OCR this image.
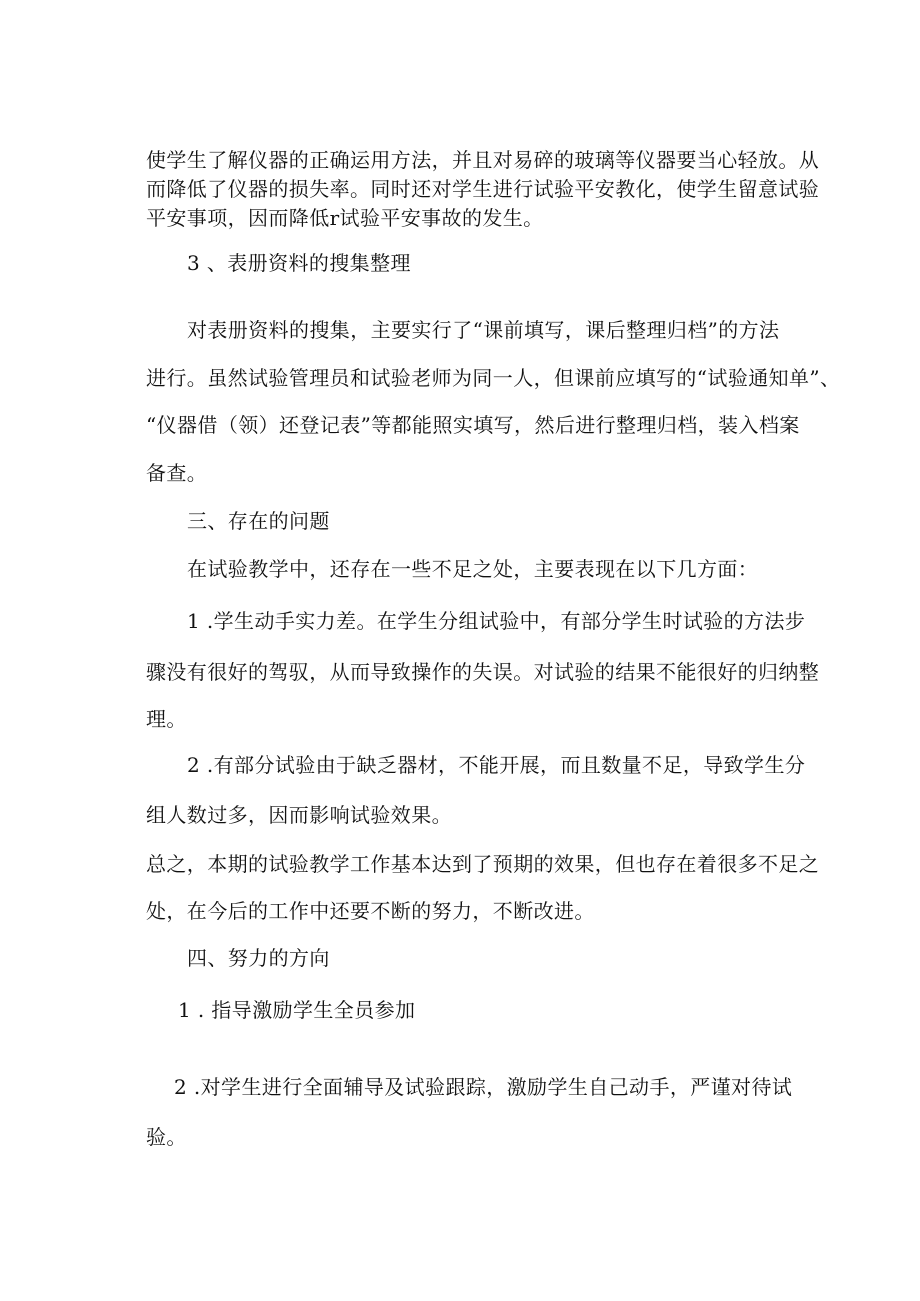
使学生了解仪器的正确运用方法，并且对易碎的玻璃等仪器要当心轻放。从
而降低了仪器的损失率。同时还对学生进行试验平安教化，使学生留意试验
平安事项，因而降低r试验平安事故的发生。
3 、表册资料的搜集整理
对表册资料的搜集，主要实行了“课前填写，课后整理归档”的方法
进行。虽然试验管理员和试验老师为同一人，但课前应填写的“试验通知单”、
“仪器借（领）还登记表”等都能照实填写，然后进行整理归档，装入档案
备查。
三、存在的问题
在试验教学中，还存在一些不足之处，主要表现在以下几方面：
1 .学生动手实力差。在学生分组试验中，有部分学生时试验的方法步
骤没有很好的驾驭，从而导致操作的失误。对试验的结果不能很好的归纳整
理。
2 .有部分试验由于缺乏器材，不能开展，而且数量不足，导致学生分
组人数过多，因而影响试验效果。
总之，本期的试验教学工作基本达到了预期的效果，但也存在着很多不足之
处，在今后的工作中还要不断的努力，不断改进。
四、努力的方向
1 . 指导激励学生全员参加
2 .对学生进行全面辅导及试验跟踪，激励学生自己动手，严谨对待试
验。
